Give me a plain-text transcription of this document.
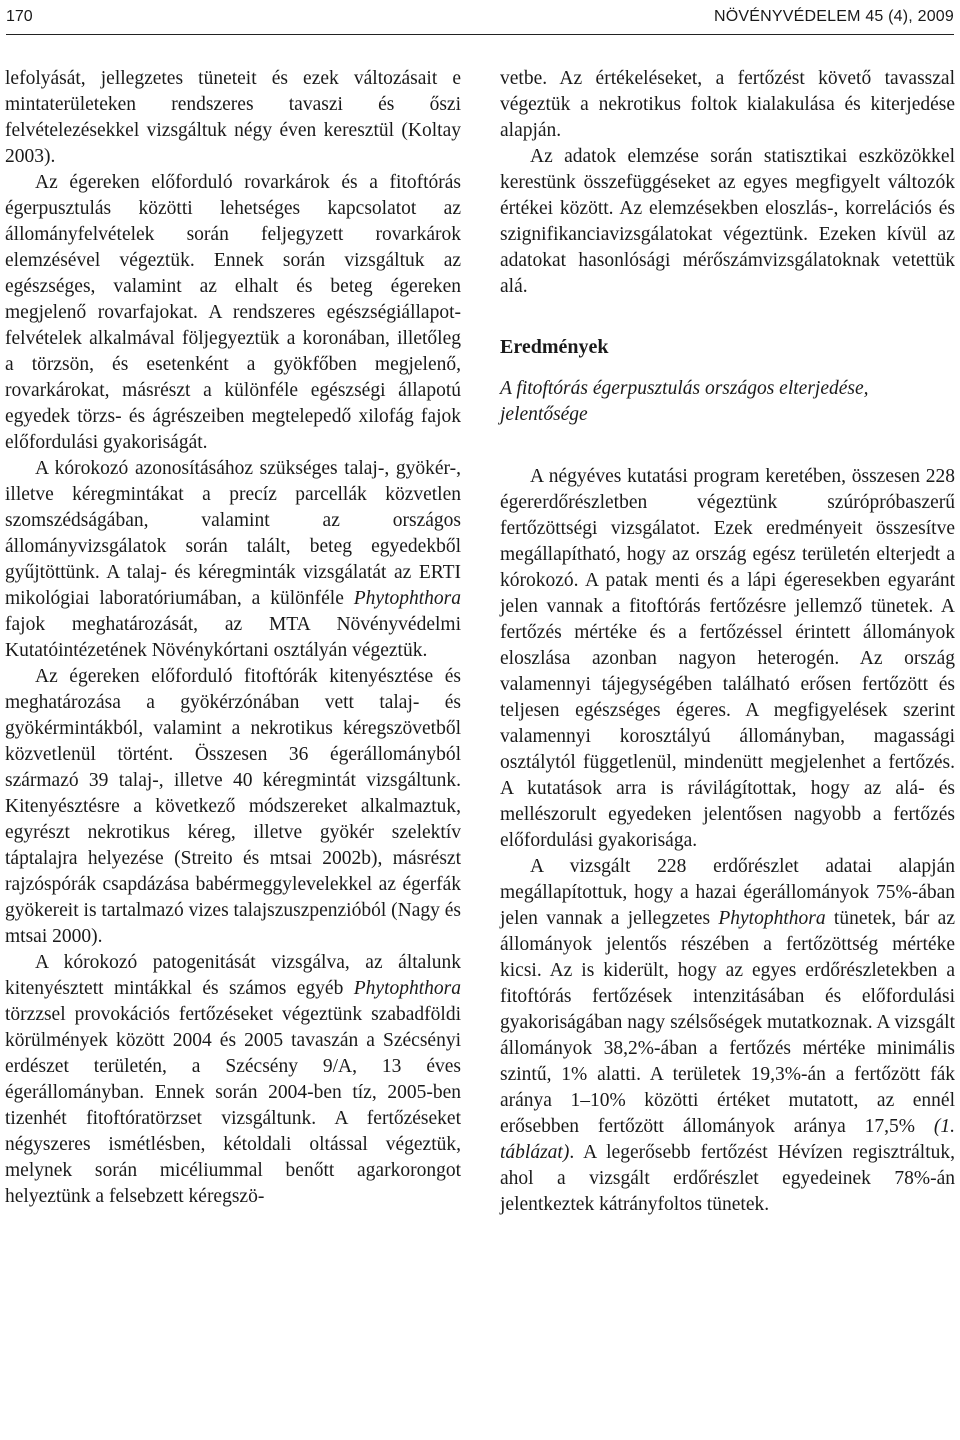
170	NÖVÉNYVÉDELEM 45 (4), 2009

lefolyását, jellegzetes tüneteit és ezek változásait e mintaterületeken rendszeres tavaszi és őszi felvételezésekkel vizsgáltuk négy éven keresztül (Koltay 2003).

Az égereken előforduló rovarkárok és a fitoftórás égerpusztulás közötti lehetséges kapcsolatot az állományfelvételek során feljegyzett rovarkárok elemzésével végeztük. Ennek során vizsgáltuk az egészséges, valamint az elhalt és beteg égereken megjelenő rovarfajokat. A rendszeres egészségiállapot-felvételek alkalmával följegyeztük a koronában, illetőleg a törzsön, és esetenként a gyökfőben megjelenő, rovarkárokat, másrészt a különféle egészségi állapotú egyedek törzs- és ágrészeiben megtelepedő xilofág fajok előfordulási gyakoriságát.

A kórokozó azonosításához szükséges talaj-, gyökér-, illetve kéregmintákat a precíz parcellák közvetlen szomszédságában, valamint az országos állományvizsgálatok során talált, beteg egyedekből gyűjtöttünk. A talaj- és kéregminták vizsgálatát az ERTI mikológiai laboratóriumában, a különféle Phytophthora fajok meghatározását, az MTA Növényvédelmi Kutatóintézetének Növénykórtani osztályán végeztük.

Az égereken előforduló fitoftórák kitenyésztése és meghatározása a gyökérzónában vett talaj- és gyökérmintákból, valamint a nekrotikus kéregszövetből közvetlenül történt. Összesen 36 égerállományból származó 39 talaj-, illetve 40 kéregmintát vizsgáltunk. Kitenyésztésre a következő módszereket alkalmaztuk, egyrészt nekrotikus kéreg, illetve gyökér szelektív táptalajra helyezése (Streito és mtsai 2002b), másrészt rajzóspórák csapdázása babérmeggylevelekkel az égerfák gyökereit is tartalmazó vizes talajszuszpenzióból (Nagy és mtsai 2000).

A kórokozó patogenitását vizsgálva, az általunk kitenyésztett mintákkal és számos egyéb Phytophthora törzzsel provokációs fertőzéseket végeztünk szabadföldi körülmények között 2004 és 2005 tavaszán a Szécsényi erdészet területén, a Szécsény 9/A, 13 éves égerállományban. Ennek során 2004-ben tíz, 2005-ben tizenhét fitoftóratörzset vizsgáltunk. A fertőzéseket négyszeres ismétlésben, kétoldali oltással végeztük, melynek során micéliummal benőtt agarkorongot helyeztünk a felsebzett kéregszö-

vetbe. Az értékeléseket, a fertőzést követő tavasszal végeztük a nekrotikus foltok kialakulása és kiterjedése alapján.

Az adatok elemzése során statisztikai eszközökkel kerestünk összefüggéseket az egyes megfigyelt változók értékei között. Az elemzésekben eloszlás-, korrelációs és szignifikanciavizsgálatokat végeztünk. Ezeken kívül az adatokat hasonlósági mérőszámvizsgálatoknak vetettük alá.

Eredmények
A fitoftórás égerpusztulás országos elterjedése, jelentősége

A négyéves kutatási program keretében, összesen 228 égererdőrészletben végeztünk szúrópróbaszerű fertőzöttségi vizsgálatot. Ezek eredményeit összesítve megállapítható, hogy az ország egész területén elterjedt a kórokozó. A patak menti és a lápi égeresekben egyaránt jelen vannak a fitoftórás fertőzésre jellemző tünetek. A fertőzés mértéke és a fertőzéssel érintett állományok eloszlása azonban nagyon heterogén. Az ország valamennyi tájegységében található erősen fertőzött és teljesen egészséges égeres. A megfigyelések szerint valamennyi korosztályú állományban, magassági osztálytól függetlenül, mindenütt megjelenhet a fertőzés. A kutatások arra is rávilágítottak, hogy az alá- és mellészorult egyedeken jelentősen nagyobb a fertőzés előfordulási gyakorisága.

A vizsgált 228 erdőrészlet adatai alapján megállapítottuk, hogy a hazai égerállományok 75%-ában jelen vannak a jellegzetes Phytophthora tünetek, bár az állományok jelentős részében a fertőzöttség mértéke kicsi. Az is kiderült, hogy az egyes erdőrészletekben a fitoftórás fertőzések intenzitásában és előfordulási gyakoriságában nagy szélsőségek mutatkoznak. A vizsgált állományok 38,2%-ában a fertőzés mértéke minimális szintű, 1% alatti. A területek 19,3%-án a fertőzött fák aránya 1–10% közötti értéket mutatott, az ennél erősebben fertőzött állományok aránya 17,5% (1. táblázat). A legerősebb fertőzést Hévízen regisztráltuk, ahol a vizsgált erdőrészlet egyedeinek 78%-án jelentkeztek kátrányfoltos tünetek.
